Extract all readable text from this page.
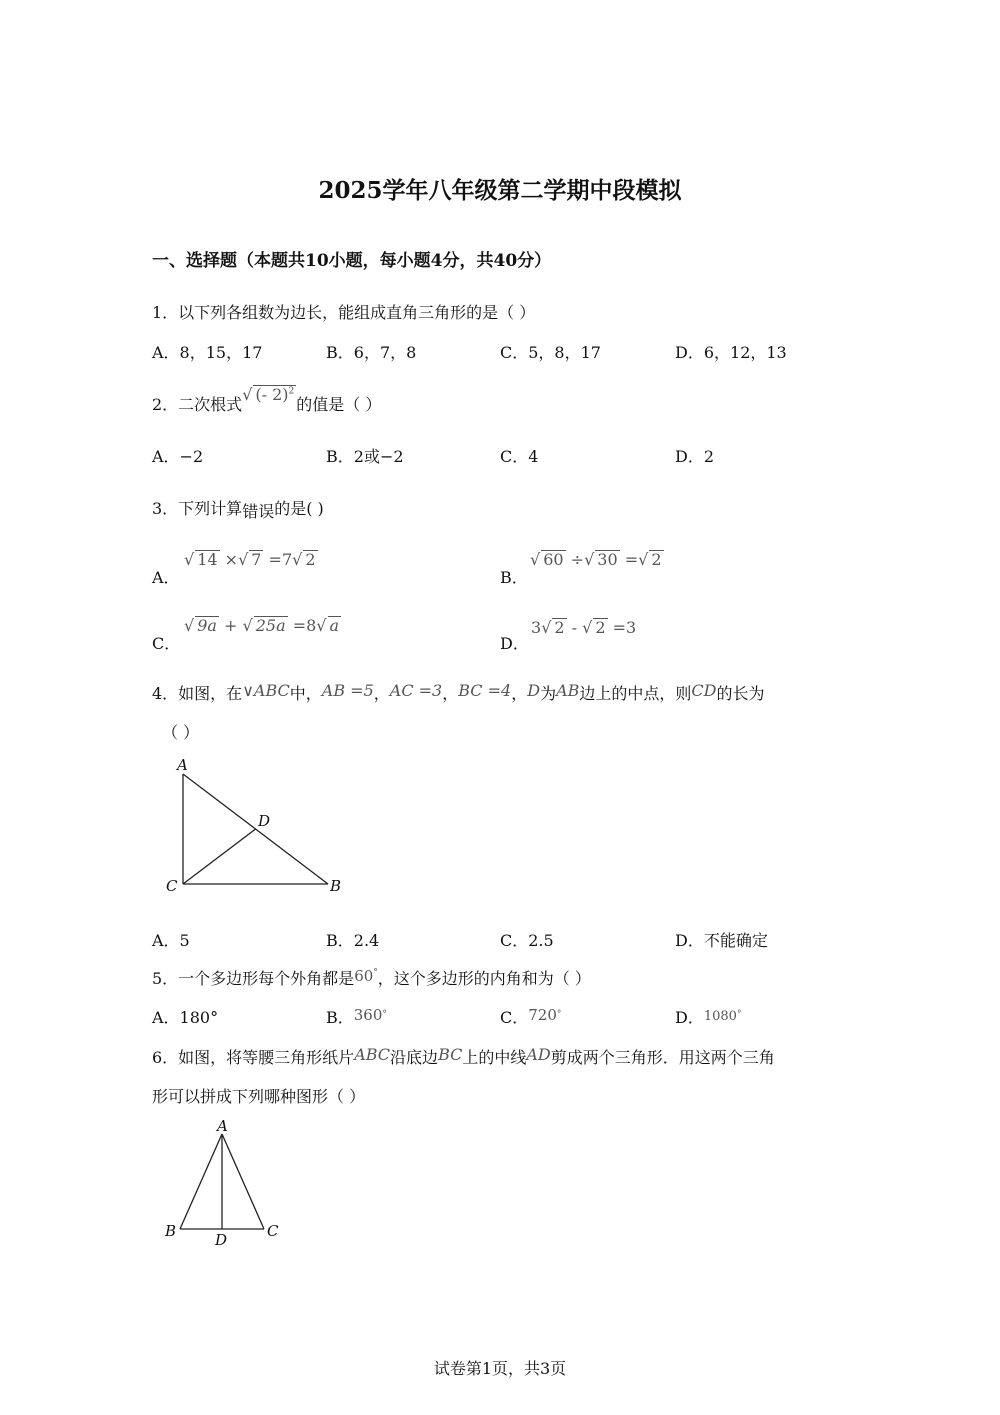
2025学年八年级第二学期中段模拟
一、选择题（本题共10小题，每小题4分，共40分）
1．以下列各组数为边长，能组成直角三角形的是（ ）
A．8，15，17	B．6，7，8	C．5，8，17	D．6，12，13
2．二次根式√ (- 2)$^2$的值是（ ）
A．−2	B．2或−2	C．4	D．2
3．下列计算错误的是( )
A．
√ 14 ×√ 7 =7√ 2
B．
√ 60 ÷√ 30 =√ 2
C．
√ 9a + √ 25a =8√ a
D．
3√ 2 - √ 2 =3
4．如图，在∨ABC中，AB =5，AC =3，BC =4，D为AB边上的中点，则CD的长为
（ ）
A
D
C	B
A．5	B．2.4	C．2.5	D．不能确定
5．一个多边形每个外角都是60°，这个多边形的内角和为（ ）
A．180°	B．360°	C．720°	D．1080°
6．如图，将等腰三角形纸片ABC沿底边BC上的中线AD剪成两个三角形．用这两个三角
形可以拼成下列哪种图形（ ）
A
B	C
D
试卷第1页，共3页
